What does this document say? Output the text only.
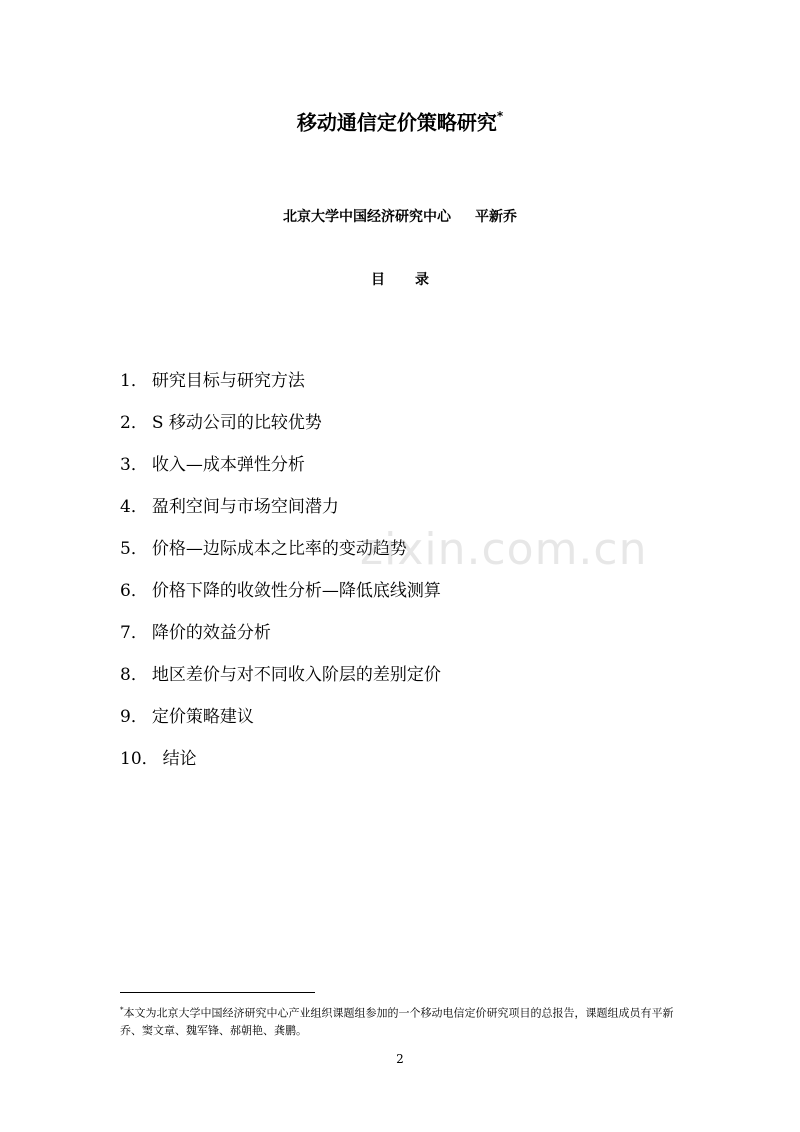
移动通信定价策略研究*
北京大学中国经济研究中心 平新乔
目 录
1． 研究目标与研究方法
2． S 移动公司的比较优势
3． 收入—成本弹性分析
4． 盈利空间与市场空间潜力
5． 价格—边际成本之比率的变动趋势
6． 价格下降的收敛性分析—降低底线测算
7． 降价的效益分析
8． 地区差价与对不同收入阶层的差别定价
9． 定价策略建议
10． 结论
zixin.com.cn
*本文为北京大学中国经济研究中心产业组织课题组参加的一个移动电信定价研究项目的总报告，课题组成员有平新乔、窦文章、魏军锋、郝朝艳、龚鹏。
2
